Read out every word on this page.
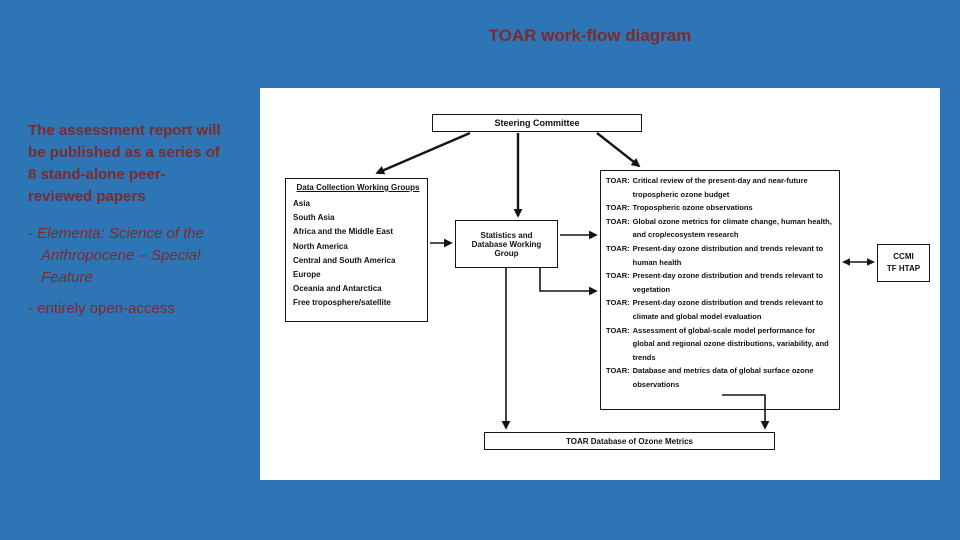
TOAR work-flow diagram
The assessment report will be published as a series of 8 stand-alone peer-reviewed papers
- Elementa: Science of the Anthropocene – Special Feature
- entirely open-access
Steering Committee
Data Collection Working Groups
Asia
South Asia
Africa and the Middle East
North America
Central and South America
Europe
Oceania and Antarctica
Free troposphere/satellite
Statistics and Database Working Group
TOAR: Critical review of the present-day and near-future tropospheric ozone budget
TOAR: Tropospheric ozone observations
TOAR: Global ozone metrics for climate change, human health, and crop/ecosystem research
TOAR: Present-day ozone distribution and trends relevant to human health
TOAR: Present-day ozone distribution and trends relevant to vegetation
TOAR: Present-day ozone distribution and trends relevant to climate and global model evaluation
TOAR: Assessment of global-scale model performance for global and regional ozone distributions, variability, and trends
TOAR: Database and metrics data of global surface ozone observations
CCMI
TF HTAP
TOAR Database of Ozone Metrics
